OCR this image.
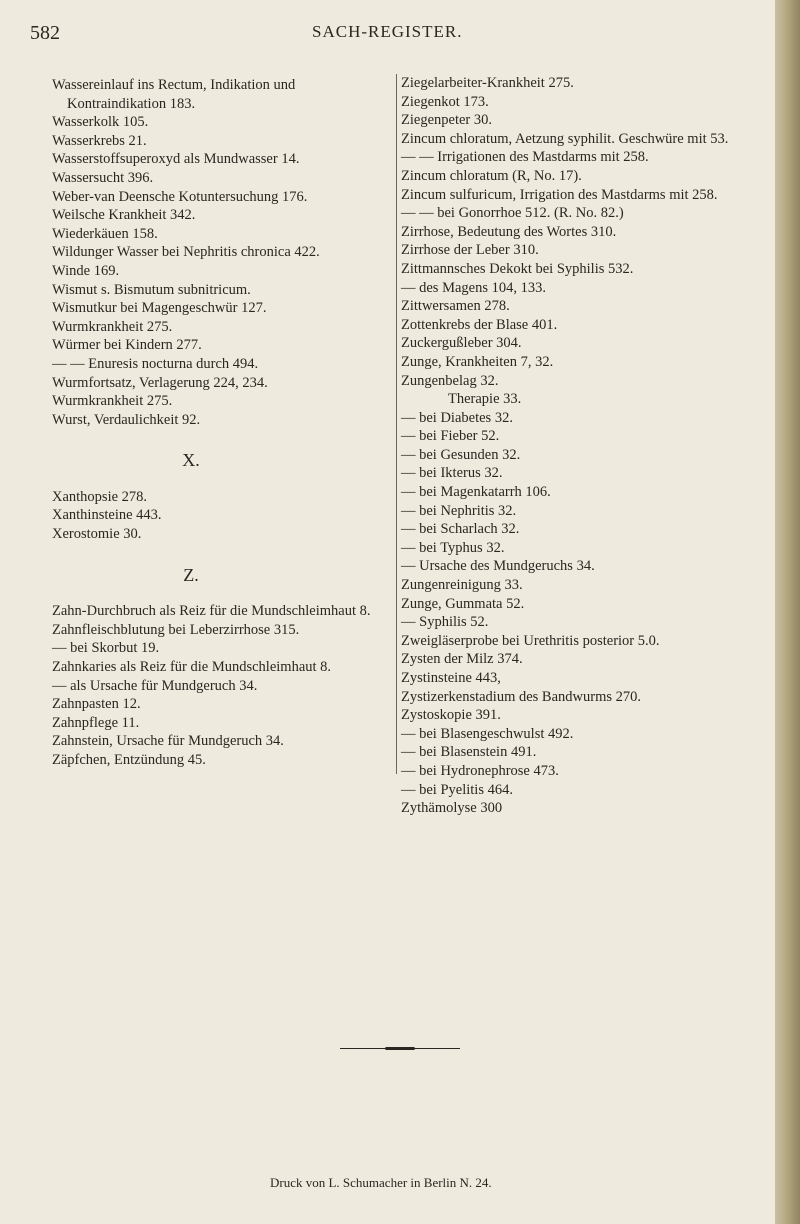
582	SACH-REGISTER.
Wassereinlauf ins Rectum, Indikation und Kontraindikation 183.
Wasserkolk 105.
Wasserkrebs 21.
Wasserstoffsuperoxyd als Mundwasser 14.
Wassersucht 396.
Weber-van Deensche Kotuntersuchung 176.
Weilsche Krankheit 342.
Wiederkäuen 158.
Wildunger Wasser bei Nephritis chronica 422.
Winde 169.
Wismut s. Bismutum subnitricum.
Wismutkur bei Magengeschwür 127.
Wurmkrankheit 275.
Würmer bei Kindern 277.
— — Enuresis nocturna durch 494.
Wurmfortsatz, Verlagerung 224, 234.
Wurmkrankheit 275.
Wurst, Verdaulichkeit 92.
X.
Xanthopsie 278.
Xanthinsteine 443.
Xerostomie 30.
Z.
Zahn-Durchbruch als Reiz für die Mundschleimhaut 8.
Zahnfleischblutung bei Leberzirrhose 315.
— bei Skorbut 19.
Zahnkaries als Reiz für die Mundschleimhaut 8.
— als Ursache für Mundgeruch 34.
Zahnpasten 12.
Zahnpflege 11.
Zahnstein, Ursache für Mundgeruch 34.
Zäpfchen, Entzündung 45.
Ziegelarbeiter-Krankheit 275.
Ziegenkot 173.
Ziegenpeter 30.
Zincum chloratum, Aetzung syphilit. Geschwüre mit 53.
— — Irrigationen des Mastdarms mit 258.
Zincum chloratum (R, No. 17).
Zincum sulfuricum, Irrigation des Mastdarms mit 258.
— — bei Gonorrhoe 512. (R. No. 82.)
Zirrhose, Bedeutung des Wortes 310.
Zirrhose der Leber 310.
Zittmannsches Dekokt bei Syphilis 532.
— des Magens 104, 133.
Zittwersamen 278.
Zottenkrebs der Blase 401.
Zuckergußleber 304.
Zunge, Krankheiten 7, 32.
Zungenbelag 32.
Therapie 33.
— bei Diabetes 32.
— bei Fieber 52.
— bei Gesunden 32.
— bei Ikterus 32.
— bei Magenkatarrh 106.
— bei Nephritis 32.
— bei Scharlach 32.
— bei Typhus 32.
— Ursache des Mundgeruchs 34.
Zungenreinigung 33.
Zunge, Gummata 52.
— Syphilis 52.
Zweigläserprobe bei Urethritis posterior 5.0.
Zysten der Milz 374.
Zystinsteine 443,
Zystizerkenstadium des Bandwurms 270.
Zystoskopie 391.
— bei Blasengeschwulst 492.
— bei Blasenstein 491.
— bei Hydronephrose 473.
— bei Pyelitis 464.
Zythämolyse 300
Druck von L. Schumacher in Berlin N. 24.
